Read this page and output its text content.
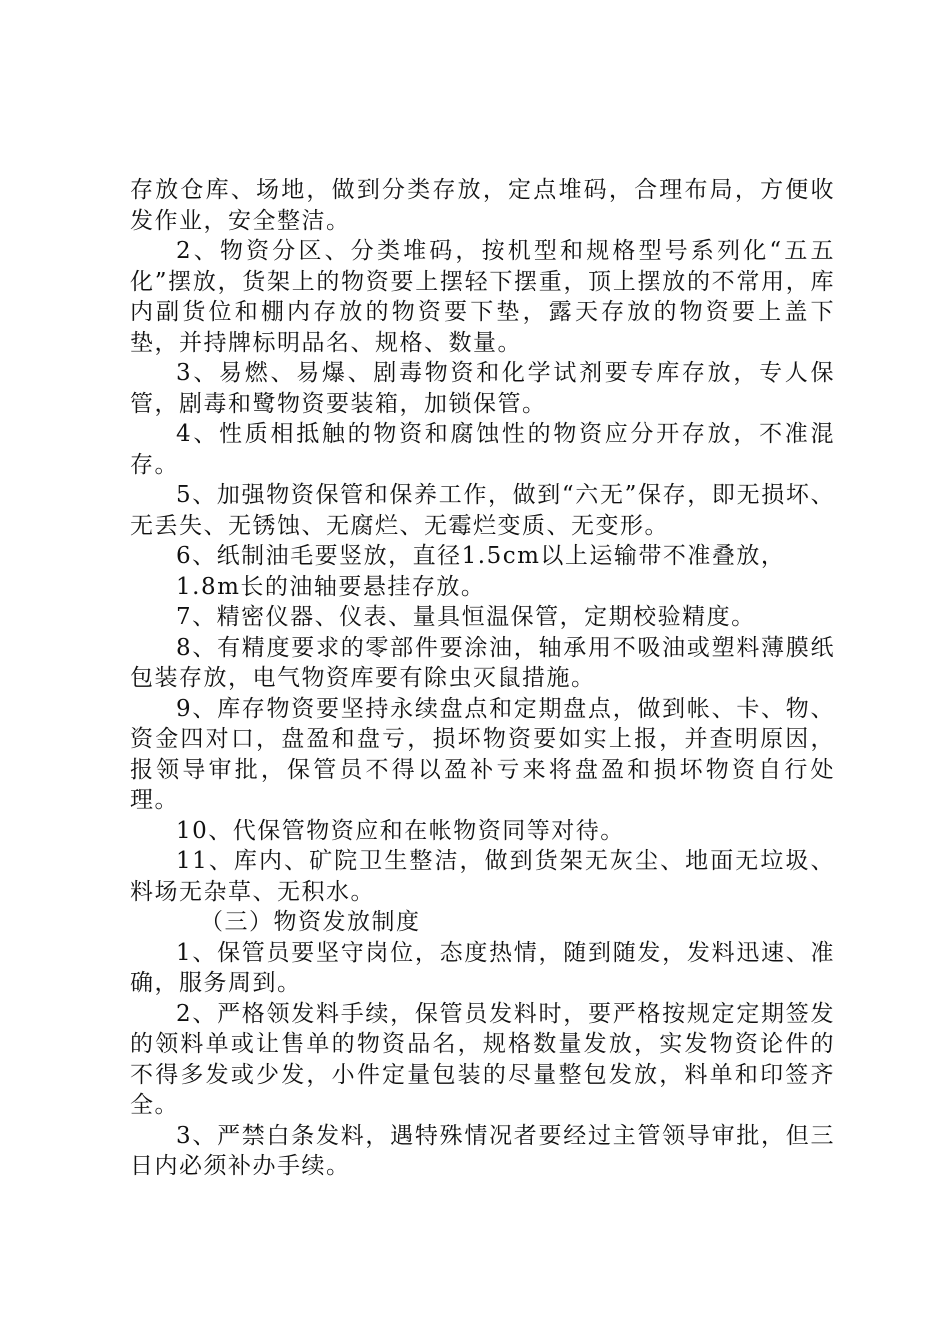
存放仓库、场地，做到分类存放，定点堆码，合理布局，方便收发作业，安全整洁。

2、物资分区、分类堆码，按机型和规格型号系列化“五五化”摆放，货架上的物资要上摆轻下摆重，顶上摆放的不常用，库内副货位和棚内存放的物资要下垫，露天存放的物资要上盖下垫，并持牌标明品名、规格、数量。

3、易燃、易爆、剧毒物资和化学试剂要专库存放，专人保管，剧毒和鹭物资要装箱，加锁保管。

4、性质相抵触的物资和腐蚀性的物资应分开存放，不准混存。

5、加强物资保管和保养工作，做到“六无”保存，即无损坏、无丢失、无锈蚀、无腐烂、无霉烂变质、无变形。

6、纸制油毛要竖放，直径1.5cm以上运输带不准叠放，

1.8m长的油轴要悬挂存放。

7、精密仪器、仪表、量具恒温保管，定期校验精度。

8、有精度要求的零部件要涂油，轴承用不吸油或塑料薄膜纸包装存放，电气物资库要有除虫灭鼠措施。

9、库存物资要坚持永续盘点和定期盘点，做到帐、卡、物、资金四对口，盘盈和盘亏，损坏物资要如实上报，并查明原因，报领导审批，保管员不得以盈补亏来将盘盈和损坏物资自行处理。

10、代保管物资应和在帐物资同等对待。

11、库内、矿院卫生整洁，做到货架无灰尘、地面无垃圾、料场无杂草、无积水。

（三）物资发放制度

1、保管员要坚守岗位，态度热情，随到随发，发料迅速、准确，服务周到。

2、严格领发料手续，保管员发料时，要严格按规定定期签发的领料单或让售单的物资品名，规格数量发放，实发物资论件的不得多发或少发，小件定量包装的尽量整包发放，料单和印签齐全。

3、严禁白条发料，遇特殊情况者要经过主管领导审批，但三日内必须补办手续。
